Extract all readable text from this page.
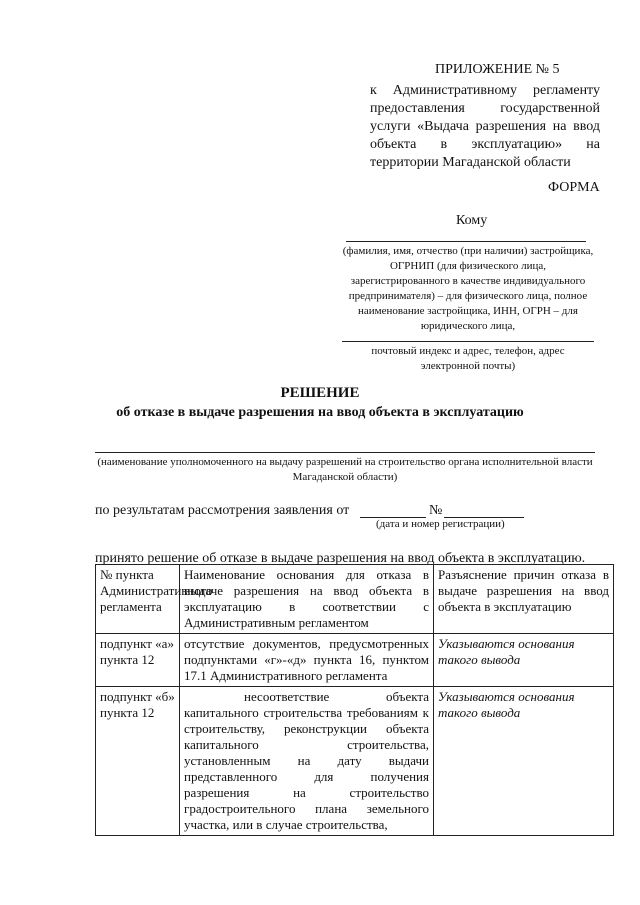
ПРИЛОЖЕНИЕ № 5
к Административному регламенту предоставления государственной услуги «Выдача разрешения на ввод объекта в эксплуатацию» на территории Магаданской области
ФОРМА
Кому
(фамилия, имя, отчество (при наличии) застройщика, ОГРНИП (для физического лица, зарегистрированного в качестве индивидуального предпринимателя) – для физического лица, полное наименование застройщика, ИНН, ОГРН – для юридического лица,
почтовый индекс и адрес, телефон, адрес электронной почты)
РЕШЕНИЕ
об отказе в выдаче разрешения на ввод объекта в эксплуатацию
(наименование уполномоченного на выдачу разрешений на строительство органа исполнительной власти Магаданской области)
по результатам рассмотрения заявления от	№
(дата и номер регистрации)
принято решение об отказе в выдаче разрешения на ввод объекта в эксплуатацию.
№ пункта Административного регламента	Наименование основания для отказа в выдаче разрешения на ввод объекта в эксплуатацию в соответствии с Административным регламентом	Разъяснение причин отказа в выдаче разрешения на ввод объекта в эксплуатацию
подпункт «а» пункта 12	отсутствие документов, предусмотренных подпунктами «г»-«д» пункта 16, пунктом 17.1 Административного регламента	Указываются основания такого вывода
подпункт «б» пункта 12	несоответствие объекта капитального строительства требованиям к строительству, реконструкции объекта капитального строительства, установленным на дату выдачи представленного для получения разрешения на строительство градостроительного плана земельного участка, или в случае строительства,	Указываются основания такого вывода
